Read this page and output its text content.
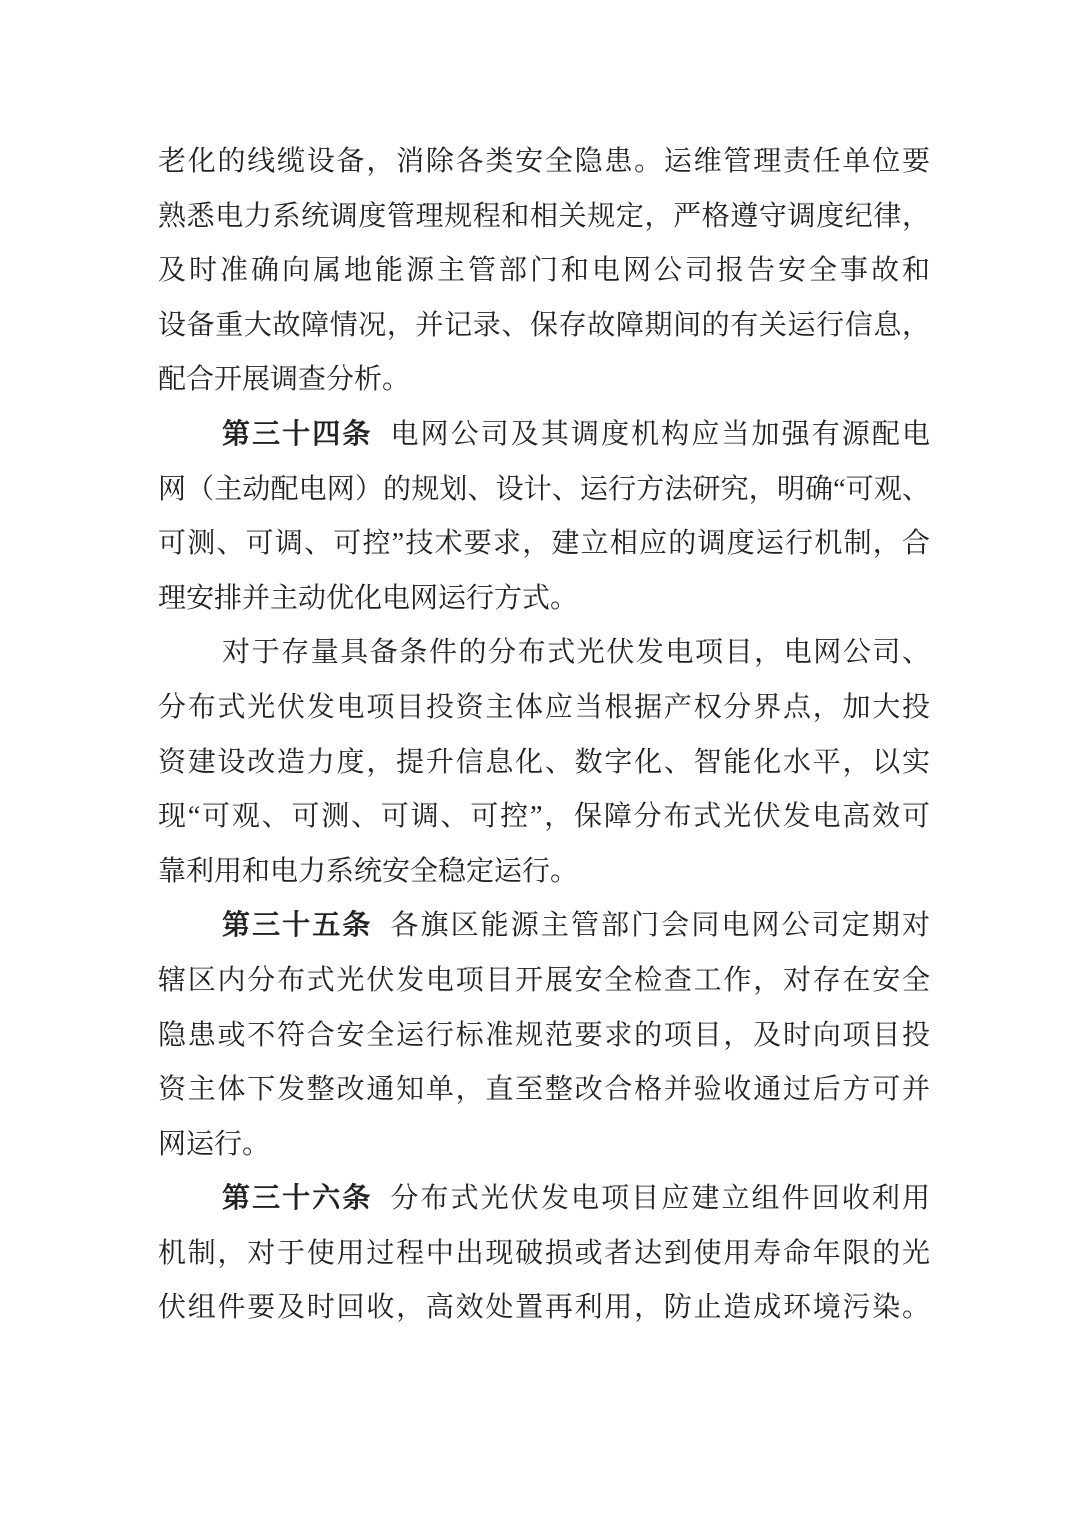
老化的线缆设备，消除各类安全隐患。运维管理责任单位要
熟悉电力系统调度管理规程和相关规定，严格遵守调度纪律，
及时准确向属地能源主管部门和电网公司报告安全事故和
设备重大故障情况，并记录、保存故障期间的有关运行信息，
配合开展调查分析。
第三十四条 电网公司及其调度机构应当加强有源配电
网（主动配电网）的规划、设计、运行方法研究，明确“可观、
可测、可调、可控”技术要求，建立相应的调度运行机制，合
理安排并主动优化电网运行方式。
对于存量具备条件的分布式光伏发电项目，电网公司、
分布式光伏发电项目投资主体应当根据产权分界点，加大投
资建设改造力度，提升信息化、数字化、智能化水平，以实
现“可观、可测、可调、可控”，保障分布式光伏发电高效可
靠利用和电力系统安全稳定运行。
第三十五条 各旗区能源主管部门会同电网公司定期对
辖区内分布式光伏发电项目开展安全检查工作，对存在安全
隐患或不符合安全运行标准规范要求的项目，及时向项目投
资主体下发整改通知单，直至整改合格并验收通过后方可并
网运行。
第三十六条 分布式光伏发电项目应建立组件回收利用
机制，对于使用过程中出现破损或者达到使用寿命年限的光
伏组件要及时回收，高效处置再利用，防止造成环境污染。
